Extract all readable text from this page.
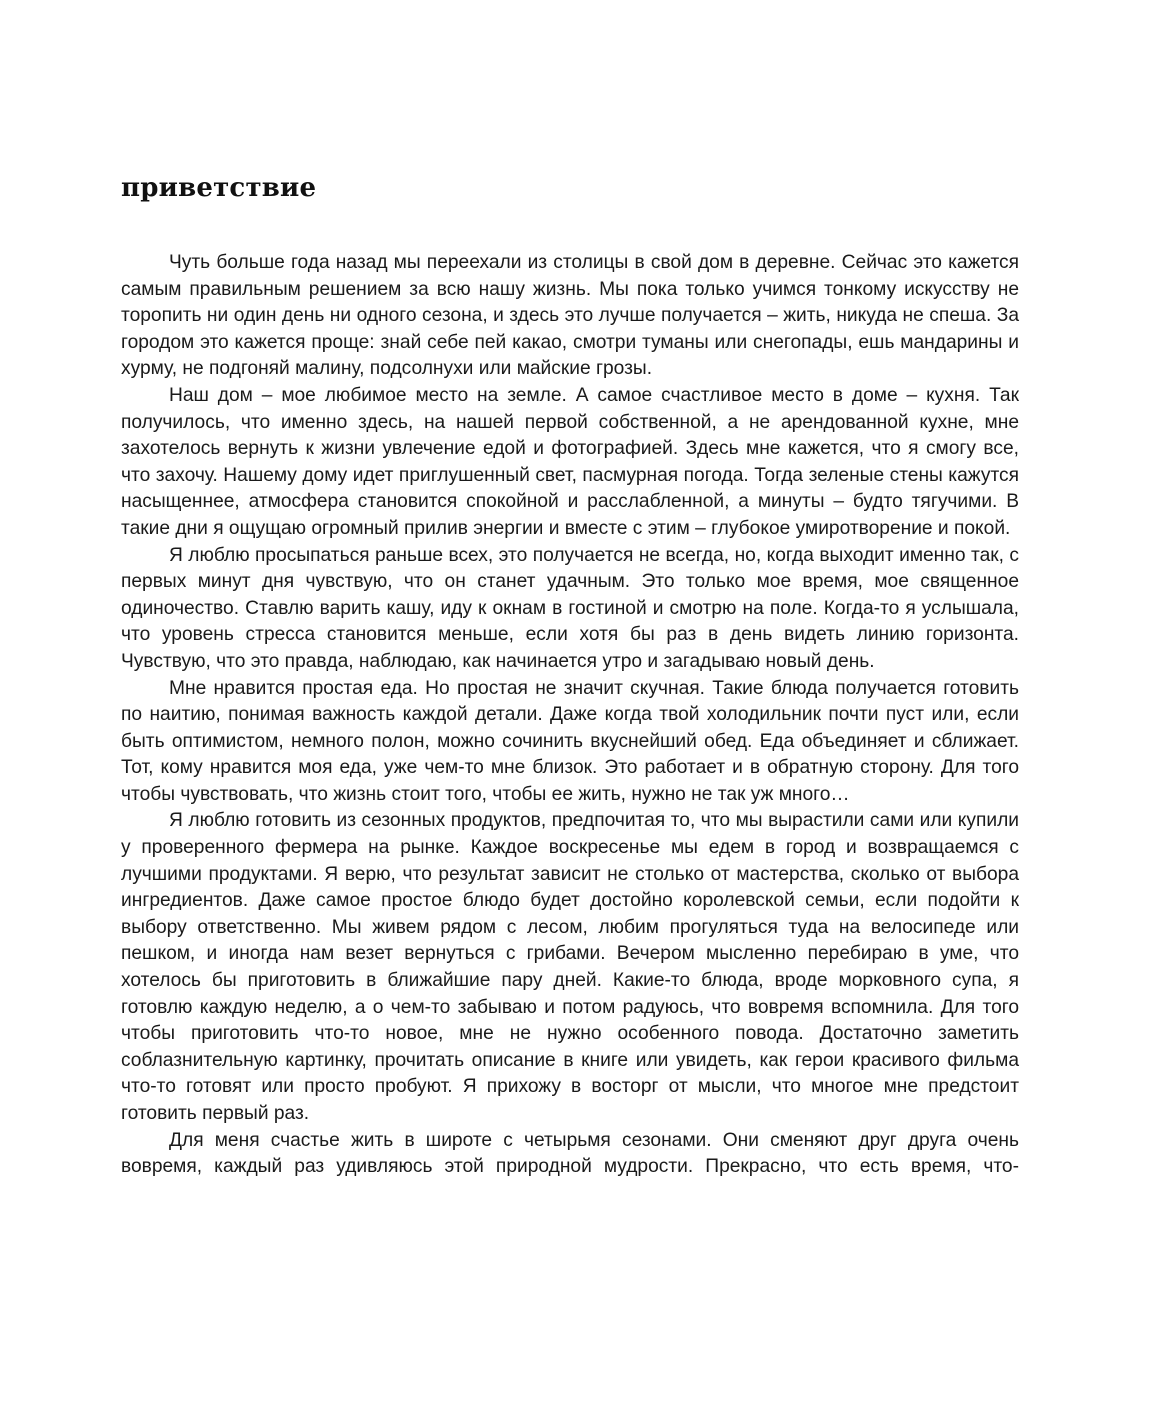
приветствие

Чуть больше года назад мы переехали из столицы в свой дом в деревне. Сейчас это кажется самым правильным решением за всю нашу жизнь. Мы пока только учимся тонкому искусству не торопить ни один день ни одного сезона, и здесь это лучше получается – жить, никуда не спеша. За городом это кажется проще: знай себе пей какао, смотри туманы или снегопады, ешь мандарины и хурму, не подгоняй малину, подсолнухи или майские грозы.

Наш дом – мое любимое место на земле. А самое счастливое место в доме – кухня. Так получилось, что именно здесь, на нашей первой собственной, а не арендованной кухне, мне захотелось вернуть к жизни увлечение едой и фотографией. Здесь мне кажется, что я смогу все, что захочу. Нашему дому идет приглушенный свет, пасмурная погода. Тогда зеленые стены кажутся насыщеннее, атмосфера становится спокойной и расслабленной, а минуты – будто тягучими. В такие дни я ощущаю огромный прилив энергии и вместе с этим – глубокое умиротворение и покой.

Я люблю просыпаться раньше всех, это получается не всегда, но, когда выходит именно так, с первых минут дня чувствую, что он станет удачным. Это только мое время, мое священное одиночество. Ставлю варить кашу, иду к окнам в гостиной и смотрю на поле. Когда-то я услышала, что уровень стресса становится меньше, если хотя бы раз в день видеть линию горизонта. Чувствую, что это правда, наблюдаю, как начинается утро и загадываю новый день.

Мне нравится простая еда. Но простая не значит скучная. Такие блюда получается готовить по наитию, понимая важность каждой детали. Даже когда твой холодильник почти пуст или, если быть оптимистом, немного полон, можно сочинить вкуснейший обед. Еда объединяет и сближает. Тот, кому нравится моя еда, уже чем-то мне близок. Это работает и в обратную сторону. Для того чтобы чувствовать, что жизнь стоит того, чтобы ее жить, нужно не так уж много…

Я люблю готовить из сезонных продуктов, предпочитая то, что мы вырастили сами или купили у проверенного фермера на рынке. Каждое воскресенье мы едем в город и возвращаемся с лучшими продуктами. Я верю, что результат зависит не столько от мастерства, сколько от выбора ингредиентов. Даже самое простое блюдо будет достойно королевской семьи, если подойти к выбору ответственно. Мы живем рядом с лесом, любим прогуляться туда на велосипеде или пешком, и иногда нам везет вернуться с грибами. Вечером мысленно перебираю в уме, что хотелось бы приготовить в ближайшие пару дней. Какие-то блюда, вроде морковного супа, я готовлю каждую неделю, а о чем-то забываю и потом радуюсь, что вовремя вспомнила. Для того чтобы приготовить что-то новое, мне не нужно особенного повода. Достаточно заметить соблазнительную картинку, прочитать описание в книге или увидеть, как герои красивого фильма что-то готовят или просто пробуют. Я прихожу в восторг от мысли, что многое мне предстоит готовить первый раз.

Для меня счастье жить в широте с четырьмя сезонами. Они сменяют друг друга очень вовремя, каждый раз удивляюсь этой природной мудрости. Прекрасно, что есть время, что-
